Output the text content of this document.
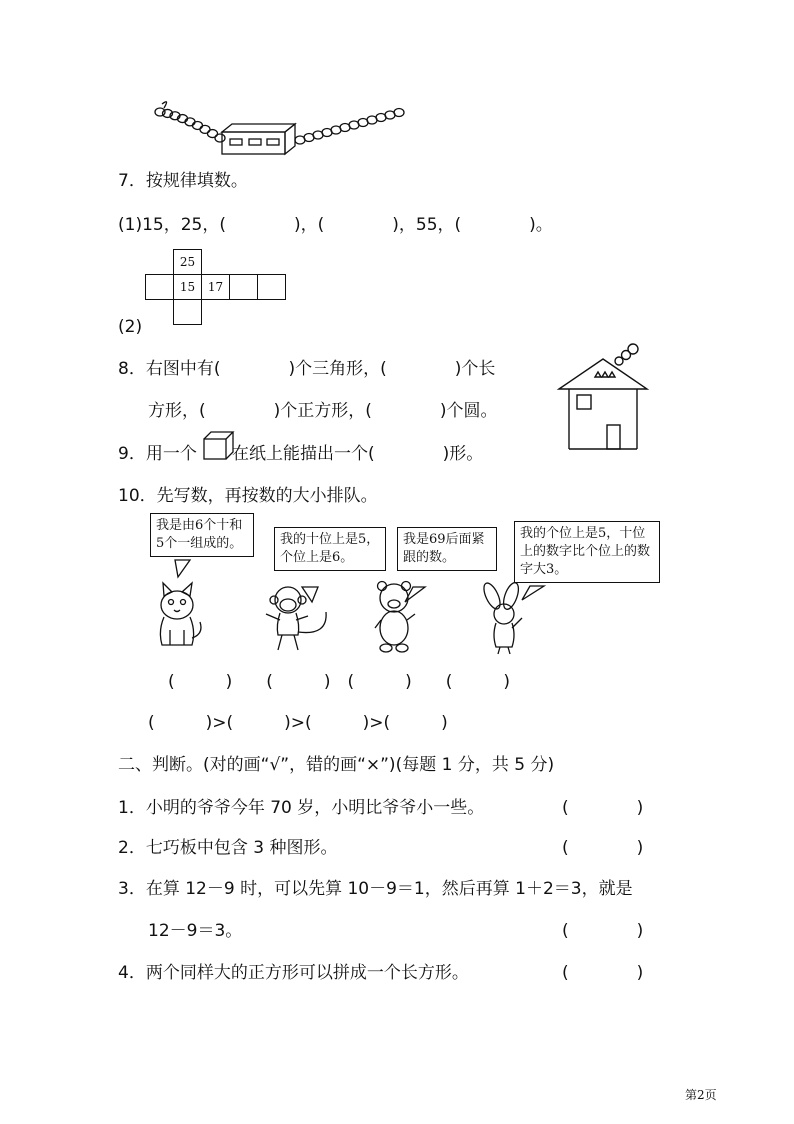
7．按规律填数。
(1)15，25，(　　　　)，(　　　　)，55，(　　　　)。
	25			
	15	17		

(2)
8．右图中有(　　　　)个三角形，(　　　　)个长
方形，(　　　　)个正方形，(　　　　)个圆。
9．用一个 在纸上能描出一个(　　　　)形。
10．先写数，再按数的大小排队。
我是由6个十和5个一组成的。	我的十位上是5，个位上是6。
我是69后面紧跟的数。
我的个位上是5，十位上的数字比个位上的数字大3。
(　　　)　　(　　　)　(　　　)　　(　　　)
(　　　)>(　　　)>(　　　)>(　　　)
二、判断。(对的画“√”，错的画“×”)(每题 1 分，共 5 分)
1．小明的爷爷今年 70 岁，小明比爷爷小一些。	(　　　　)
2．七巧板中包含 3 种图形。	(　　　　)
3．在算 12－9 时，可以先算 10－9＝1，然后再算 1＋2＝3，就是
12－9＝3。	(　　　　)
4．两个同样大的正方形可以拼成一个长方形。	(　　　　)
第2页
